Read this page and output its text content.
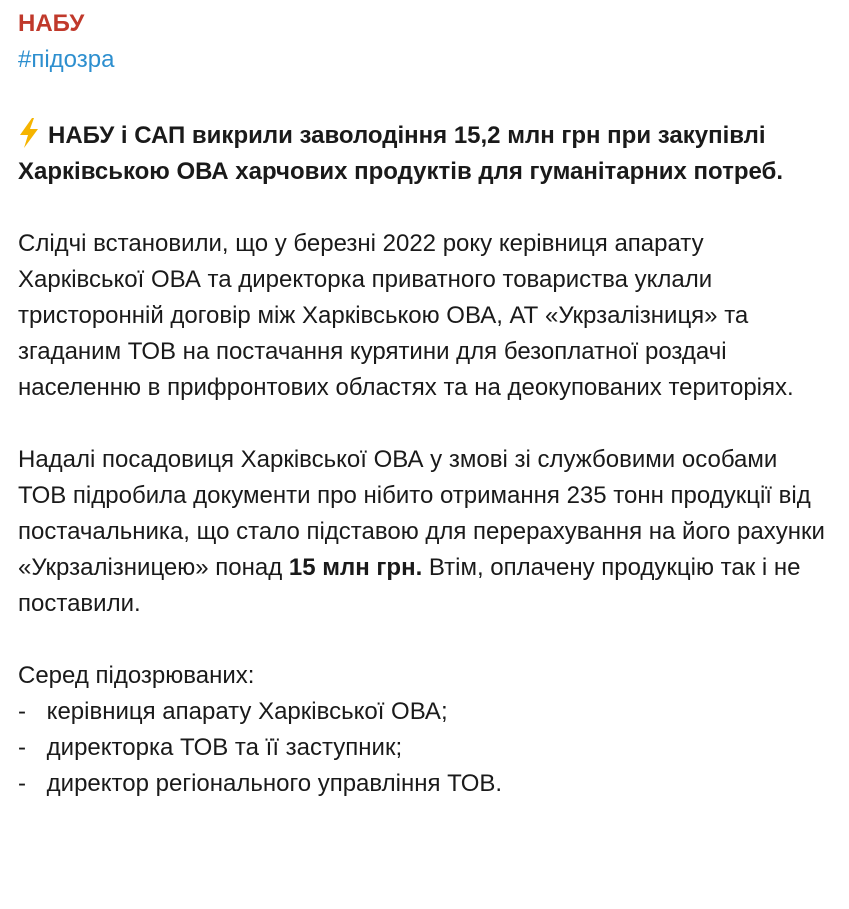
НАБУ
#підозра
НАБУ і САП викрили заволодіння 15,2 млн грн при закупівлі Харківською ОВА харчових продуктів для гуманітарних потреб.
Слідчі встановили, що у березні 2022 року керівниця апарату Харківської ОВА та директорка приватного товариства уклали тристоронній договір між Харківською ОВА, АТ «Укрзалізниця» та згаданим ТОВ на постачання курятини для безоплатної роздачі населенню в прифронтових областях та на деокупованих територіях.
Надалі посадовиця Харківської ОВА у змові зі службовими особами ТОВ підробила документи про нібито отримання 235 тонн продукції від постачальника, що стало підставою для перерахування на його рахунки «Укрзалізницею» понад 15 млн грн. Втім, оплачену продукцію так і не поставили.
Серед підозрюваних:
- керівниця апарату Харківської ОВА;
- директорка ТОВ та її заступник;
- директор регіонального управління ТОВ.
